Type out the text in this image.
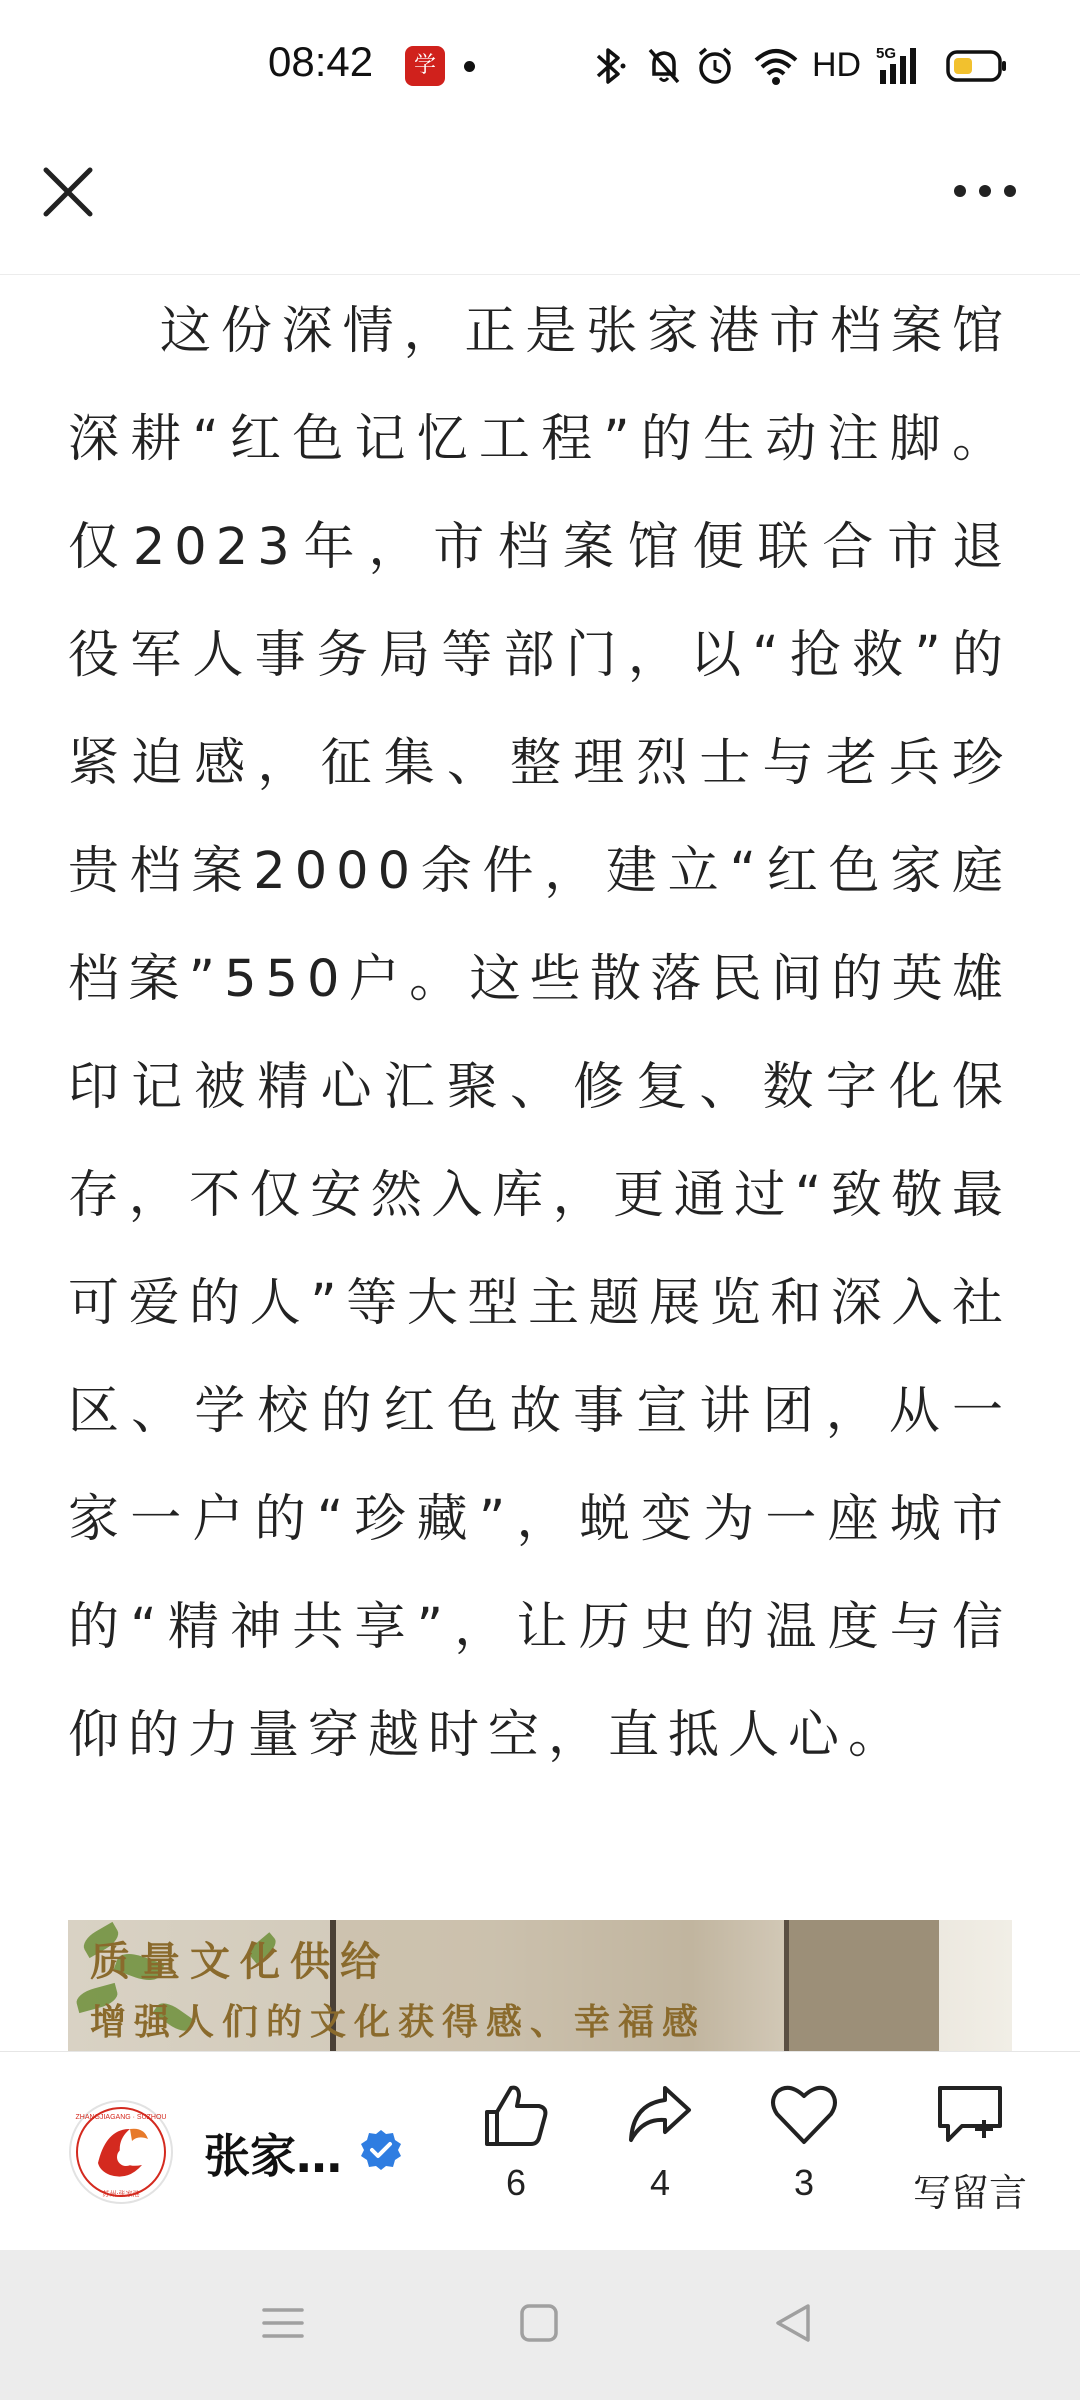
08:42	学習
HD 5G

这份深情，正是张家港市档案馆深耕“红色记忆工程”的生动注脚。仅2023年，市档案馆便联合市退役军人事务局等部门，以“抢救”的紧迫感，征集、整理烈士与老兵珍贵档案2000余件，建立“红色家庭档案”550户。这些散落民间的英雄印记被精心汇聚、修复、数字化保存，不仅安然入库，更通过“致敬最可爱的人”等大型主题展览和深入社区、学校的红色故事宣讲团，从一家一户的“珍藏”，蜕变为一座城市的“精神共享”，让历史的温度与信仰的力量穿越时空，直抵人心。

质量文化供给
增强人们的文化获得感、幸福感
ZHANGJIAGANG · SUZHOU
苏州·张家港
张家…	6	4	3	写留言
